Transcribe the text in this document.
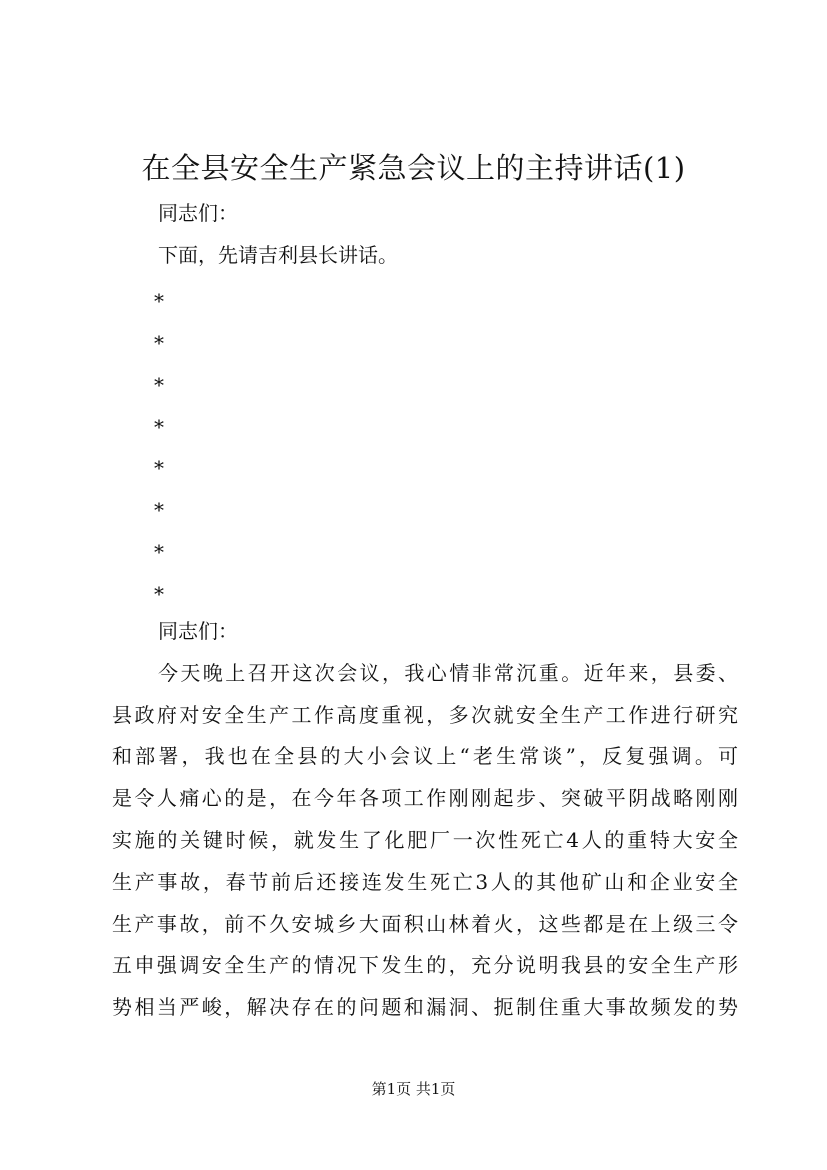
在全县安全生产紧急会议上的主持讲话(1)

同志们：

下面，先请吉利县长讲话。

*

*

*

*

*

*

*

*

同志们：

今天晚上召开这次会议，我心情非常沉重。近年来，县委、

县政府对安全生产工作高度重视，多次就安全生产工作进行研究

和部署，我也在全县的大小会议上“老生常谈”，反复强调。可

是令人痛心的是，在今年各项工作刚刚起步、突破平阴战略刚刚

实施的关键时候，就发生了化肥厂一次性死亡4人的重特大安全

生产事故，春节前后还接连发生死亡3人的其他矿山和企业安全

生产事故，前不久安城乡大面积山林着火，这些都是在上级三令

五申强调安全生产的情况下发生的，充分说明我县的安全生产形

势相当严峻，解决存在的问题和漏洞、扼制住重大事故频发的势

第1页 共1页
